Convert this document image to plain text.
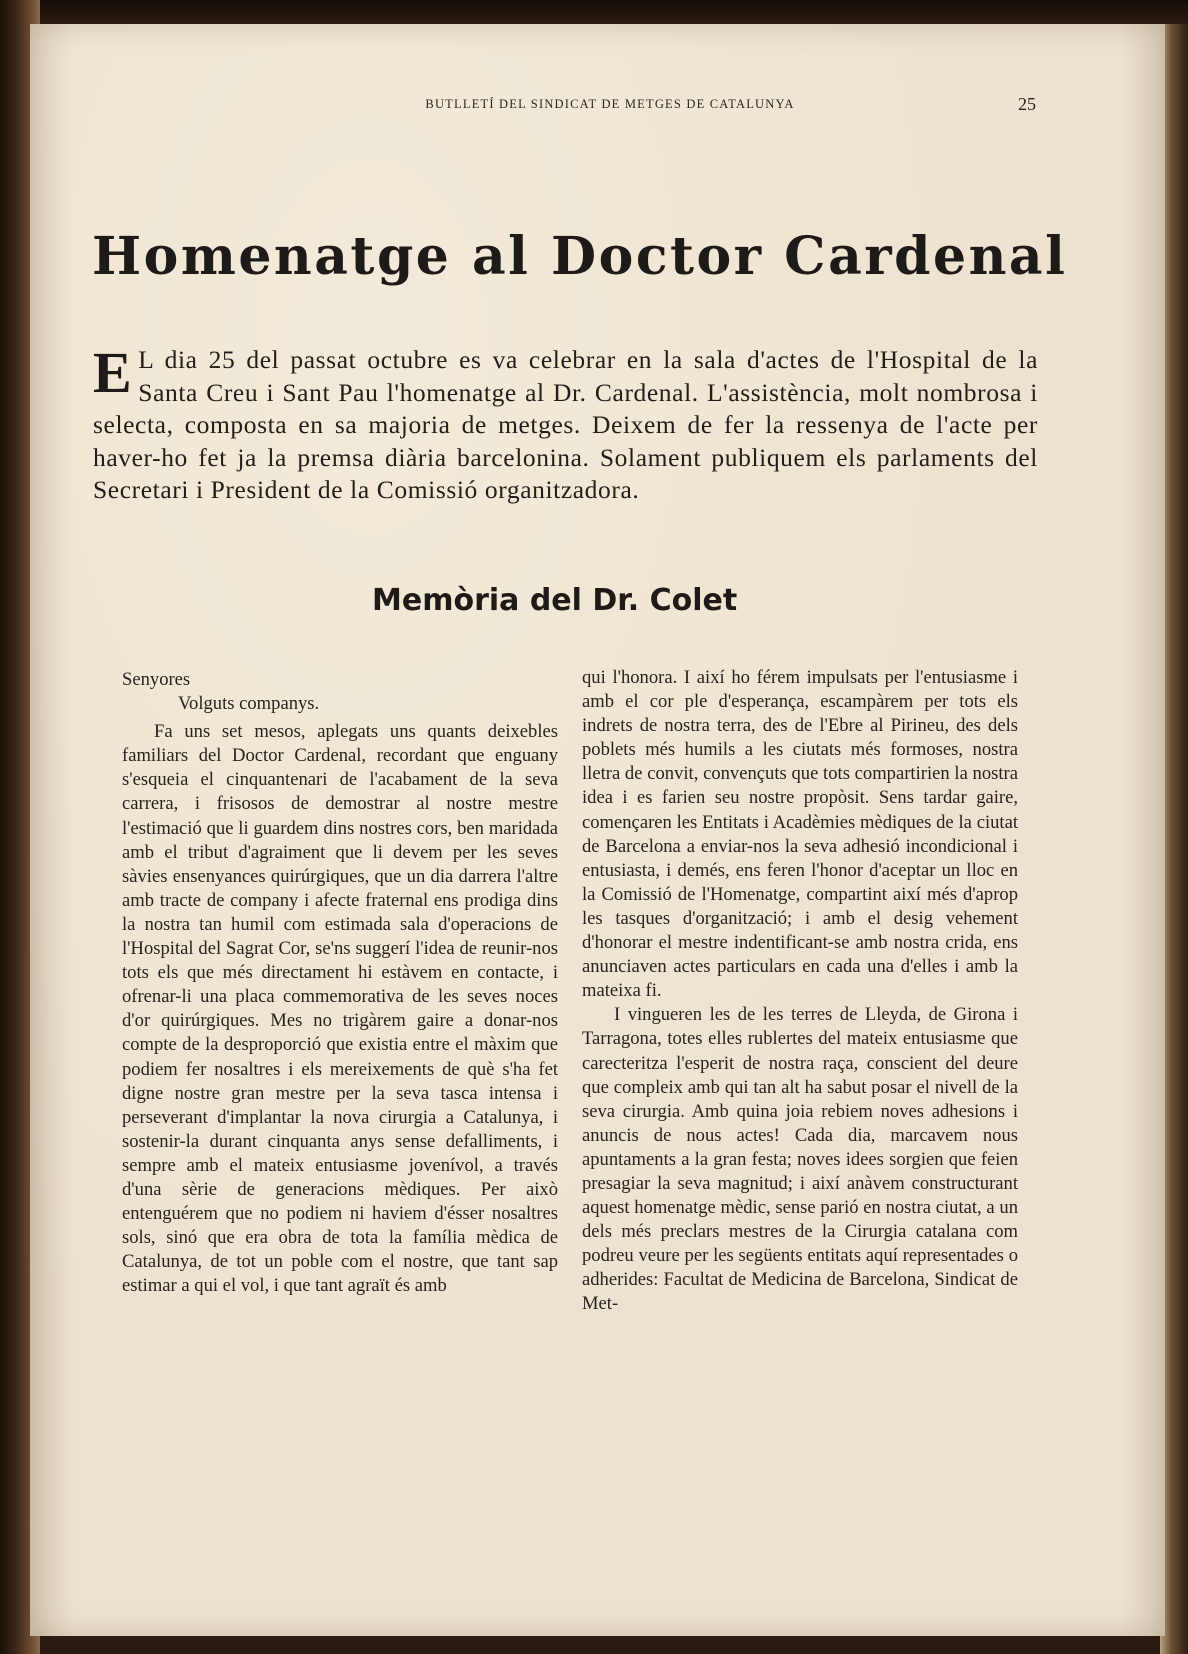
BUTLLETÍ DEL SINDICAT DE METGES DE CATALUNYA	25
Homenatge al Doctor Cardenal
E L dia 25 del passat octubre es va celebrar en la sala d'actes de l'Hospital de la Santa Creu i Sant Pau l'homenatge al Dr. Cardenal. L'assistència, molt nombrosa i selecta, composta en sa majoria de metges. Deixem de fer la ressenya de l'acte per haver-ho fet ja la premsa diària barcelonina. Solament publiquem els parlaments del Secretari i President de la Comissió organitzadora.
Memòria del Dr. Colet
Senyores
Volguts companys.

Fa uns set mesos, aplegats uns quants deixebles familiars del Doctor Cardenal, recordant que enguany s'esqueia el cinquantenari de l'acabament de la seva carrera, i frisosos de demostrar al nostre mestre l'estimació que li guardem dins nostres cors, ben maridada amb el tribut d'agraiment que li devem per les seves sàvies ensenyances quirúrgiques, que un dia darrera l'altre amb tracte de company i afecte fraternal ens prodiga dins la nostra tan humil com estimada sala d'operacions de l'Hospital del Sagrat Cor, se'ns suggerí l'idea de reunir-nos tots els que més directament hi estàvem en contacte, i ofrenar-li una placa commemorativa de les seves noces d'or quirúrgiques. Mes no trigàrem gaire a donar-nos compte de la desproporció que existia entre el màxim que podiem fer nosaltres i els mereixements de què s'ha fet digne nostre gran mestre per la seva tasca intensa i perseverant d'implantar la nova cirurgia a Catalunya, i sostenir-la durant cinquanta anys sense defalliments, i sempre amb el mateix entusiasme jovenívol, a través d'una sèrie de generacions mèdiques. Per això entenguérem que no podiem ni haviem d'ésser nosaltres sols, sinó que era obra de tota la família mèdica de Catalunya, de tot un poble com el nostre, que tant sap estimar a qui el vol, i que tant agraït és amb

qui l'honora. I així ho férem impulsats per l'entusiasme i amb el cor ple d'esperança, escampàrem per tots els indrets de nostra terra, des de l'Ebre al Pirineu, des dels poblets més humils a les ciutats més formoses, nostra lletra de convit, convençuts que tots compartirien la nostra idea i es farien seu nostre propòsit. Sens tardar gaire, començaren les Entitats i Acadèmies mèdiques de la ciutat de Barcelona a enviar-nos la seva adhesió incondicional i entusiasta, i demés, ens feren l'honor d'aceptar un lloc en la Comissió de l'Homenatge, compartint així més d'aprop les tasques d'organització; i amb el desig vehement d'honorar el mestre indentificant-se amb nostra crida, ens anunciaven actes particulars en cada una d'elles i amb la mateixa fi.

I vingueren les de les terres de Lleyda, de Girona i Tarragona, totes elles rublertes del mateix entusiasme que carecteritza l'esperit de nostra raça, conscient del deure que compleix amb qui tan alt ha sabut posar el nivell de la seva cirurgia. Amb quina joia rebiem noves adhesions i anuncis de nous actes! Cada dia, marcavem nous apuntaments a la gran festa; noves idees sorgien que feien presagiar la seva magnitud; i així anàvem constructurant aquest homenatge mèdic, sense parió en nostra ciutat, a un dels més preclars mestres de la Cirurgia catalana com podreu veure per les següents entitats aquí representades o adherides: Facultat de Medicina de Barcelona, Sindicat de Met-
